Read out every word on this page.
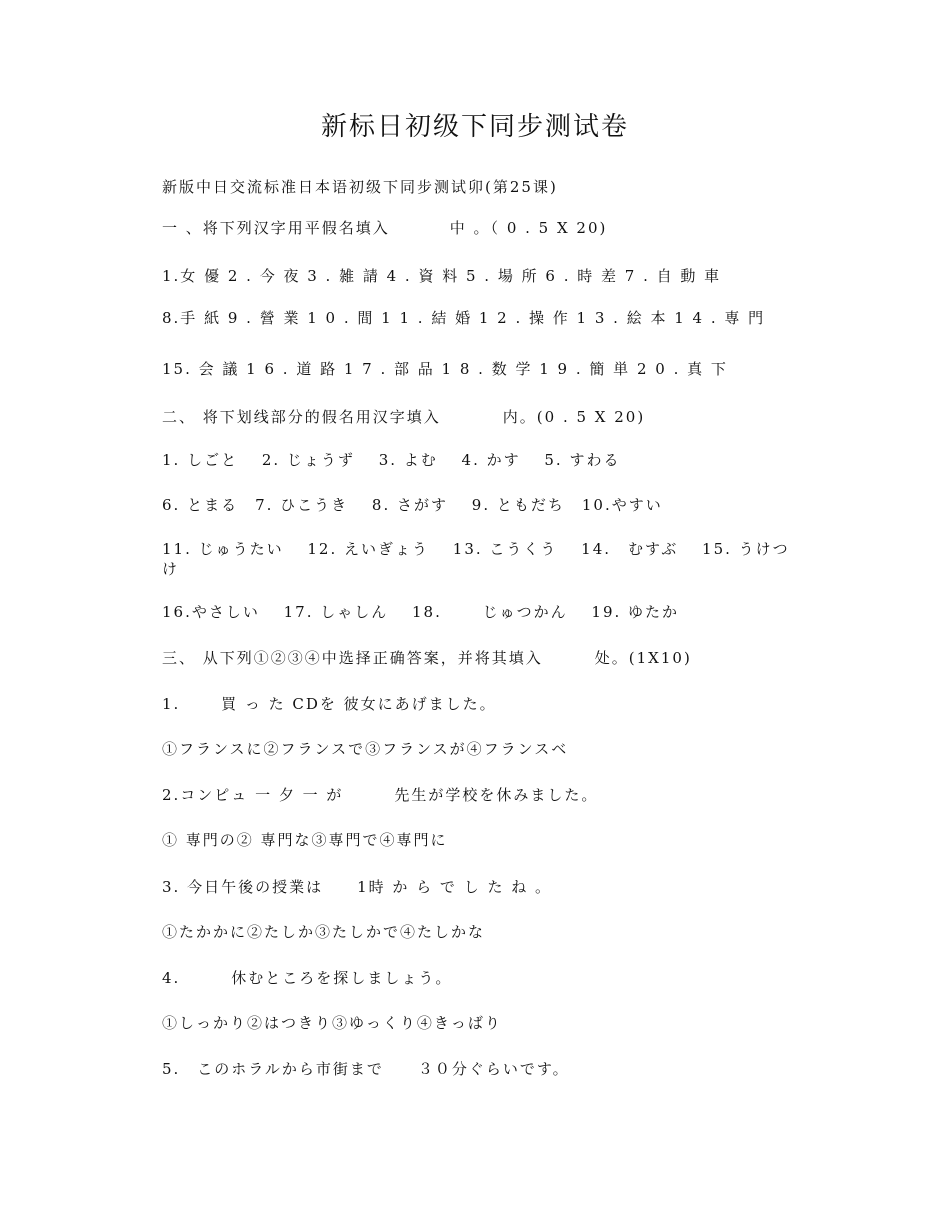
新标日初级下同步测试卷
新版中日交流标准日本语初级下同步测试卯(第25课)
一 、将下列汉字用平假名填入	中 。（ 0 . 5 X 20)
1.女 優 2 . 今 夜 3 . 雑 請 4 . 資 料 5 . 場 所 6 . 時 差 7 . 自 動 車
8.手 紙 9 . 營 業 1 0 . 間 1 1 . 結 婚 1 2 . 操 作 1 3 . 絵 本 1 4 . 専 門
15. 会 議 1 6 . 道 路 1 7 . 部 品 1 8 . 数 学 1 9 . 簡 単 2 0 . 真 下
二、 将下划线部分的假名用汉字填入	内。(0 . 5 X 20)
1. しごと　 2. じょうず　 3. よむ　 4. かす　 5. すわる
6. とまる　7. ひこうき　 8. さがす　 9. ともだち　10.やすい
11. じゅうたい　 12. えいぎょう　 13. こうくう　 14.　むすぶ　 15. うけつけ
16.やさしい　 17. しゃしん　 18.　　 じゅつかん　 19. ゆたか
三、 从下列①②③④中选择正确答案，并将其填入	处。(1X10)
1.　　 買 っ た CDを 彼女にあげました。
①フランスに②フランスで③フランスが④フランスベ
2.コンピュ 一 夕 一 が　　　先生が学校を休みました。
① 専門の② 専門な③専門で④専門に
3. 今日午後の授業は　　1時 か ら で し た ね 。
①たかかに②たしか③たしかで④たしかな
4.　　　休むところを探しましょう。
①しっかり②はつきり③ゆっくり④きっばり
5.　このホラルから市街まで　　３０分ぐらいです。
